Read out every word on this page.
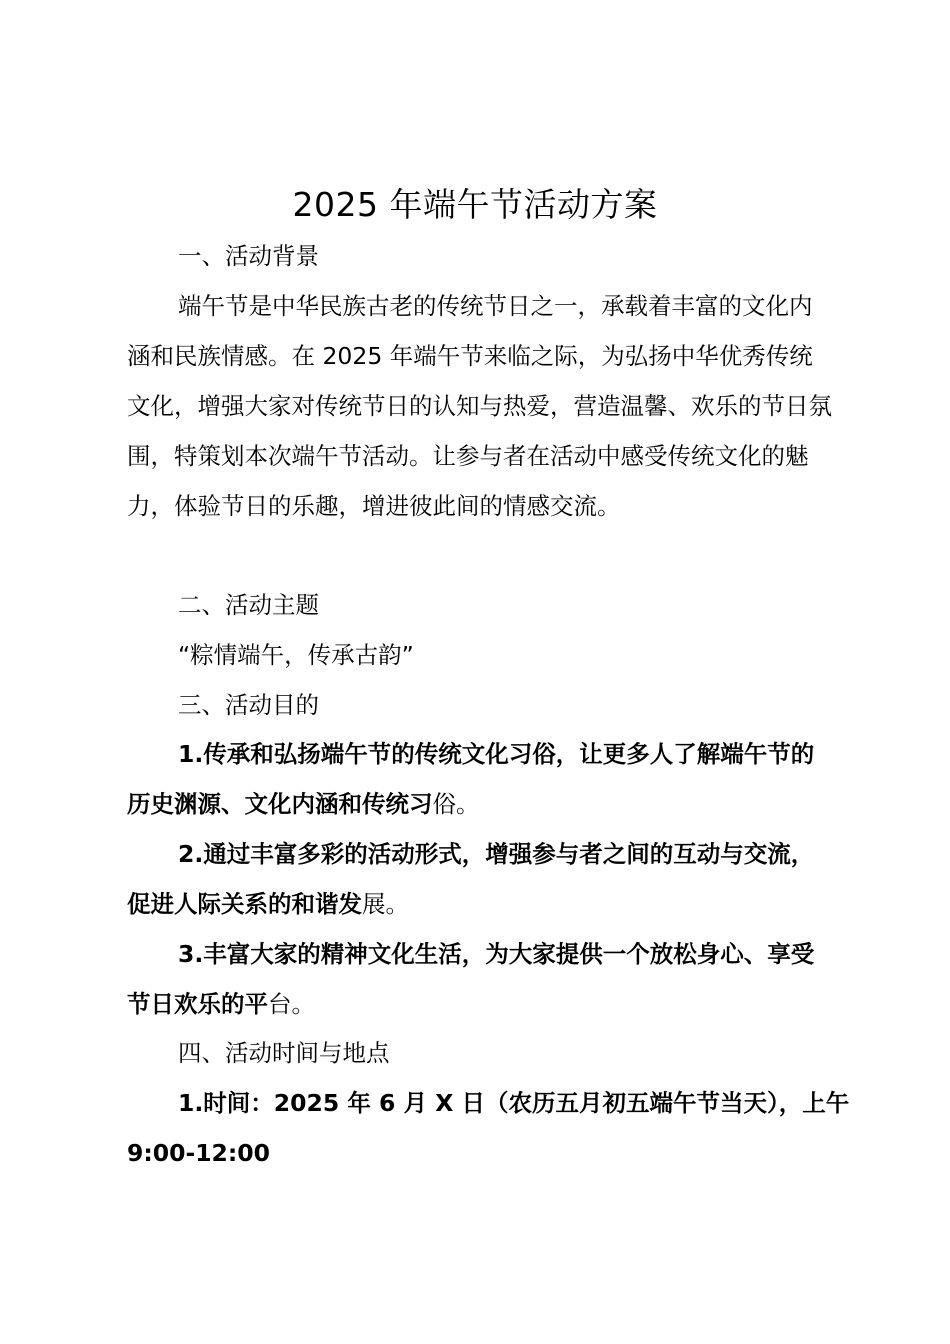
2025 年端午节活动方案

一、活动背景

端午节是中华民族古老的传统节日之一，承载着丰富的文化内涵和民族情感。在 2025 年端午节来临之际，为弘扬中华优秀传统文化，增强大家对传统节日的认知与热爱，营造温馨、欢乐的节日氛围，特策划本次端午节活动。让参与者在活动中感受传统文化的魅力，体验节日的乐趣，增进彼此间的情感交流。

二、活动主题

“粽情端午，传承古韵”

三、活动目的

1.传承和弘扬端午节的传统文化习俗，让更多人了解端午节的历史渊源、文化内涵和传统习俗。

2.通过丰富多彩的活动形式，增强参与者之间的互动与交流，促进人际关系的和谐发展。

3.丰富大家的精神文化生活，为大家提供一个放松身心、享受节日欢乐的平台。

四、活动时间与地点

1.时间：2025 年 6 月 X 日（农历五月初五端午节当天），上午 9:00-12:00
